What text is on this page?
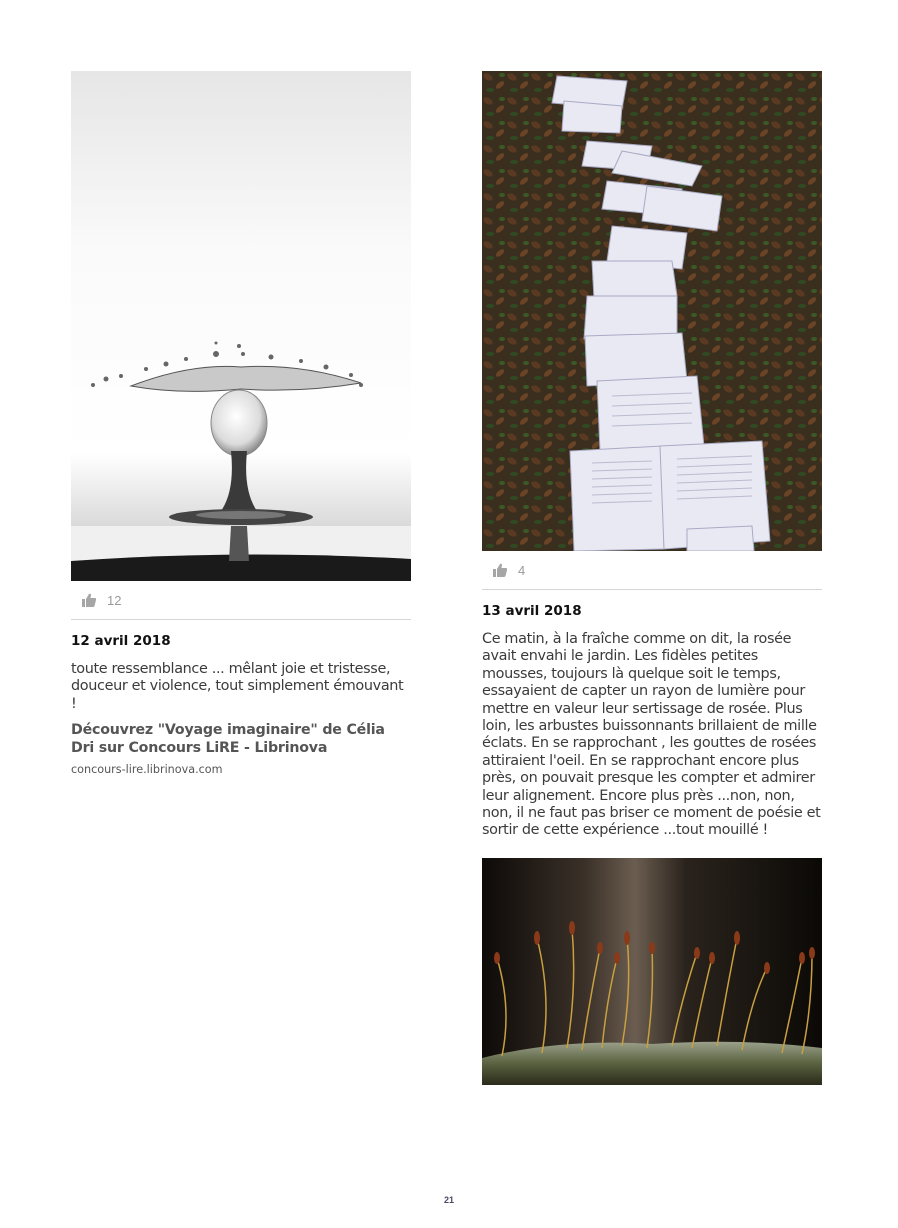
12
12 avril 2018
toute ressemblance ... mêlant joie et tristesse, douceur et violence, tout simplement émouvant !
Découvrez "Voyage imaginaire" de Célia Dri sur Concours LiRE - Librinova
concours-lire.librinova.com
4
13 avril 2018
Ce matin, à la fraîche comme on dit, la rosée avait envahi le jardin. Les fidèles petites mousses, toujours là quelque soit le temps, essayaient de capter un rayon de lumière pour mettre en valeur leur sertissage de rosée. Plus loin, les arbustes buissonnants brillaient de mille éclats. En se rapprochant , les gouttes de rosées attiraient l'oeil. En se rapprochant encore plus près, on pouvait presque les compter et admirer leur alignement. Encore plus près ...non, non, non, il ne faut pas briser ce moment de poésie et sortir de cette expérience ...tout mouillé !
21
